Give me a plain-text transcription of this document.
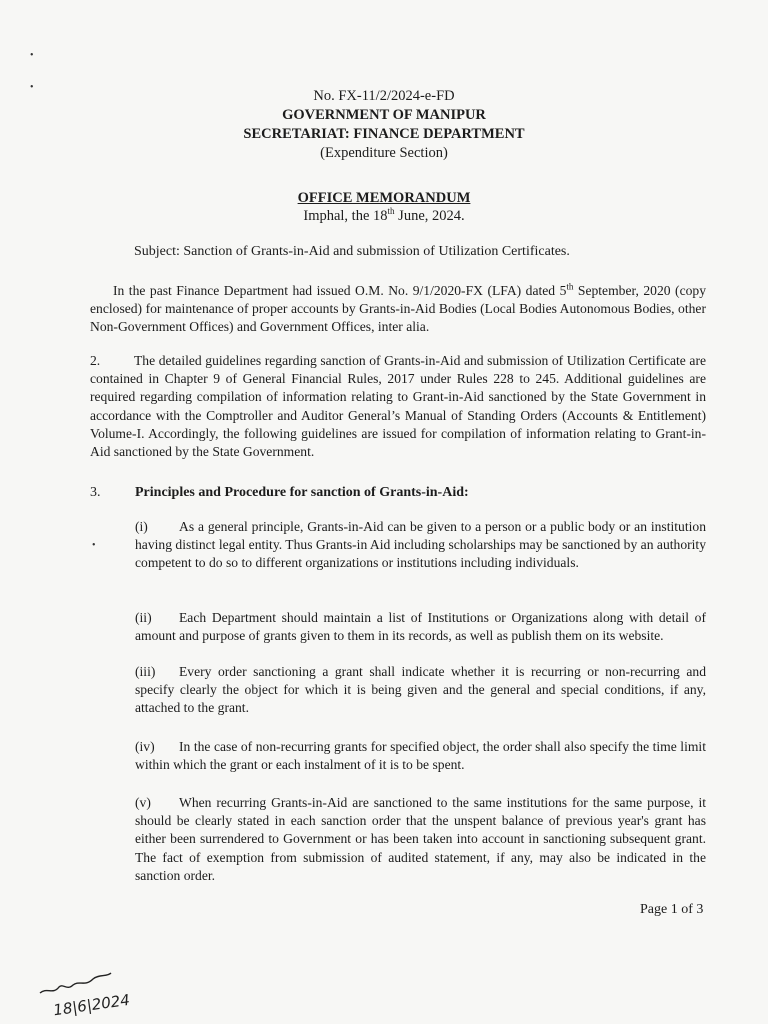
•
•
•
No. FX-11/2/2024-e-FD
GOVERNMENT OF MANIPUR
SECRETARIAT: FINANCE DEPARTMENT
(Expenditure Section)
OFFICE MEMORANDUM
Imphal, the 18th June, 2024.
Subject: Sanction of Grants-in-Aid and submission of Utilization Certificates.
In the past Finance Department had issued O.M. No. 9/1/2020-FX (LFA) dated 5th September, 2020 (copy enclosed) for maintenance of proper accounts by Grants-in-Aid Bodies (Local Bodies Autonomous Bodies, other Non-Government Offices) and Government Offices, inter alia.
2. The detailed guidelines regarding sanction of Grants-in-Aid and submission of Utilization Certificate are contained in Chapter 9 of General Financial Rules, 2017 under Rules 228 to 245. Additional guidelines are required regarding compilation of information relating to Grant-in-Aid sanctioned by the State Government in accordance with the Comptroller and Auditor General’s Manual of Standing Orders (Accounts & Entitlement) Volume-I. Accordingly, the following guidelines are issued for compilation of information relating to Grant-in-Aid sanctioned by the State Government.
3. Principles and Procedure for sanction of Grants-in-Aid:
(i) As a general principle, Grants-in-Aid can be given to a person or a public body or an institution having distinct legal entity. Thus Grants-in Aid including scholarships may be sanctioned by an authority competent to do so to different organizations or institutions including individuals.
(ii) Each Department should maintain a list of Institutions or Organizations along with detail of amount and purpose of grants given to them in its records, as well as publish them on its website.
(iii) Every order sanctioning a grant shall indicate whether it is recurring or non-recurring and specify clearly the object for which it is being given and the general and special conditions, if any, attached to the grant.
(iv) In the case of non-recurring grants for specified object, the order shall also specify the time limit within which the grant or each instalment of it is to be spent.
(v) When recurring Grants-in-Aid are sanctioned to the same institutions for the same purpose, it should be clearly stated in each sanction order that the unspent balance of previous year's grant has either been surrendered to Government or has been taken into account in sanctioning subsequent grant. The fact of exemption from submission of audited statement, if any, may also be indicated in the sanction order.
Page 1 of 3
18|6|2024
